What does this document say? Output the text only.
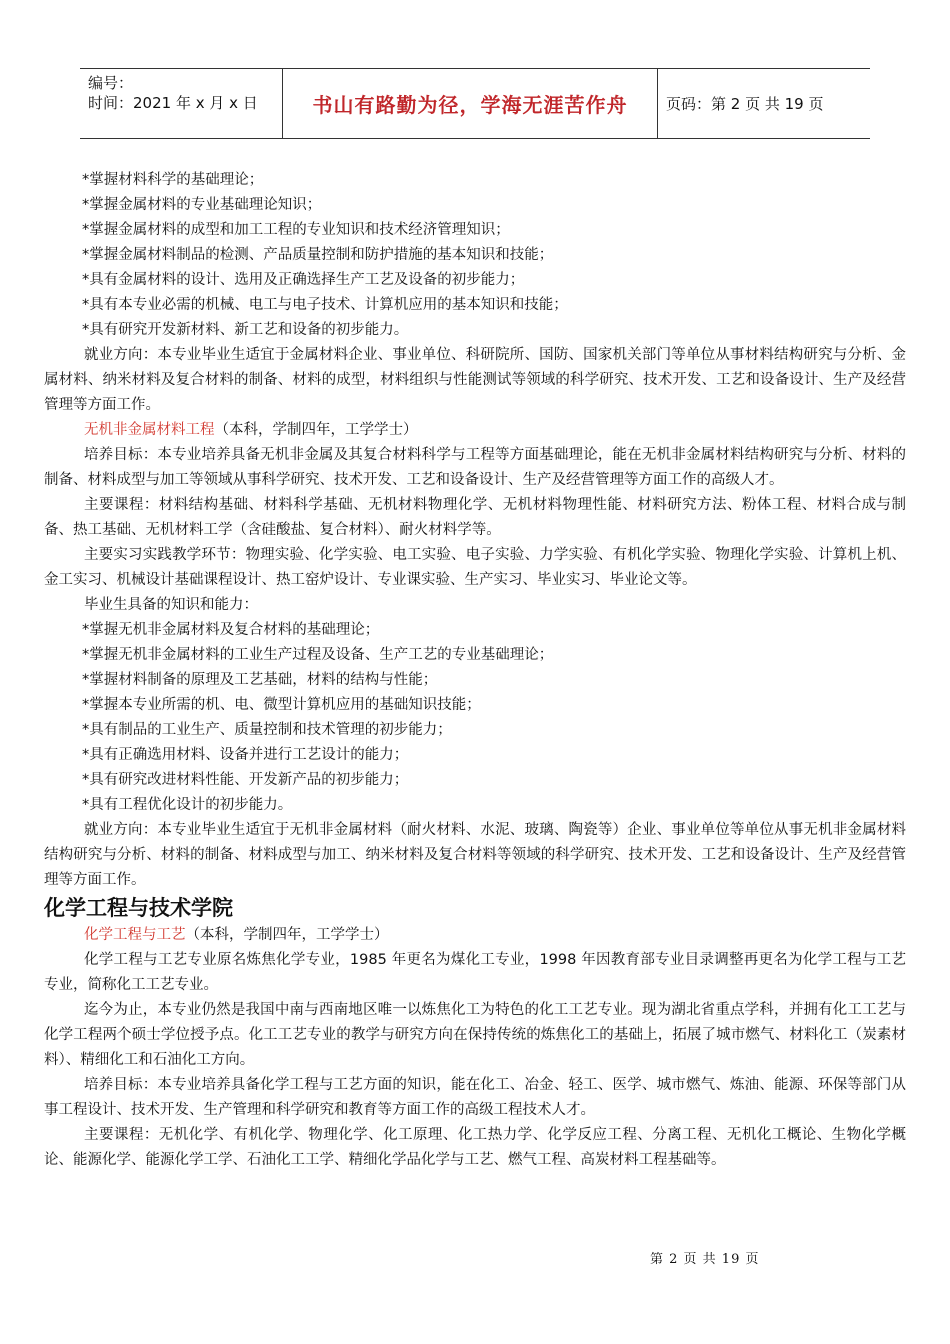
编号：
时间：2021 年 x 月 x 日	书山有路勤为径，学海无涯苦作舟	页码：第 2 页 共 19 页

*掌握材料科学的基础理论；

*掌握金属材料的专业基础理论知识；

*掌握金属材料的成型和加工工程的专业知识和技术经济管理知识；

*掌握金属材料制品的检测、产品质量控制和防护措施的基本知识和技能；

*具有金属材料的设计、选用及正确选择生产工艺及设备的初步能力；

*具有本专业必需的机械、电工与电子技术、计算机应用的基本知识和技能；

*具有研究开发新材料、新工艺和设备的初步能力。

就业方向：本专业毕业生适宜于金属材料企业、事业单位、科研院所、国防、国家机关部门等单位从事材料结构研究与分析、金属材料、纳米材料及复合材料的制备、材料的成型，材料组织与性能测试等领域的科学研究、技术开发、工艺和设备设计、生产及经营管理等方面工作。

无机非金属材料工程（本科，学制四年，工学学士）

培养目标：本专业培养具备无机非金属及其复合材料科学与工程等方面基础理论，能在无机非金属材料结构研究与分析、材料的制备、材料成型与加工等领域从事科学研究、技术开发、工艺和设备设计、生产及经营管理等方面工作的高级人才。

主要课程：材料结构基础、材料科学基础、无机材料物理化学、无机材料物理性能、材料研究方法、粉体工程、材料合成与制备、热工基础、无机材料工学（含硅酸盐、复合材料）、耐火材料学等。

主要实习实践教学环节：物理实验、化学实验、电工实验、电子实验、力学实验、有机化学实验、物理化学实验、计算机上机、金工实习、机械设计基础课程设计、热工窑炉设计、专业课实验、生产实习、毕业实习、毕业论文等。

毕业生具备的知识和能力：

*掌握无机非金属材料及复合材料的基础理论；

*掌握无机非金属材料的工业生产过程及设备、生产工艺的专业基础理论；

*掌握材料制备的原理及工艺基础，材料的结构与性能；

*掌握本专业所需的机、电、微型计算机应用的基础知识技能；

*具有制品的工业生产、质量控制和技术管理的初步能力；

*具有正确选用材料、设备并进行工艺设计的能力；

*具有研究改进材料性能、开发新产品的初步能力；

*具有工程优化设计的初步能力。

就业方向：本专业毕业生适宜于无机非金属材料（耐火材料、水泥、玻璃、陶瓷等）企业、事业单位等单位从事无机非金属材料结构研究与分析、材料的制备、材料成型与加工、纳米材料及复合材料等领域的科学研究、技术开发、工艺和设备设计、生产及经营管理等方面工作。

化学工程与技术学院

化学工程与工艺（本科，学制四年，工学学士）

化学工程与工艺专业原名炼焦化学专业，1985 年更名为煤化工专业，1998 年因教育部专业目录调整再更名为化学工程与工艺专业，简称化工工艺专业。

迄今为止，本专业仍然是我国中南与西南地区唯一以炼焦化工为特色的化工工艺专业。现为湖北省重点学科，并拥有化工工艺与化学工程两个硕士学位授予点。化工工艺专业的教学与研究方向在保持传统的炼焦化工的基础上，拓展了城市燃气、材料化工（炭素材料）、精细化工和石油化工方向。

培养目标：本专业培养具备化学工程与工艺方面的知识，能在化工、冶金、轻工、医学、城市燃气、炼油、能源、环保等部门从事工程设计、技术开发、生产管理和科学研究和教育等方面工作的高级工程技术人才。

主要课程：无机化学、有机化学、物理化学、化工原理、化工热力学、化学反应工程、分离工程、无机化工概论、生物化学概论、能源化学、能源化学工学、石油化工工学、精细化学品化学与工艺、燃气工程、高炭材料工程基础等。

第 2 页 共 19 页
